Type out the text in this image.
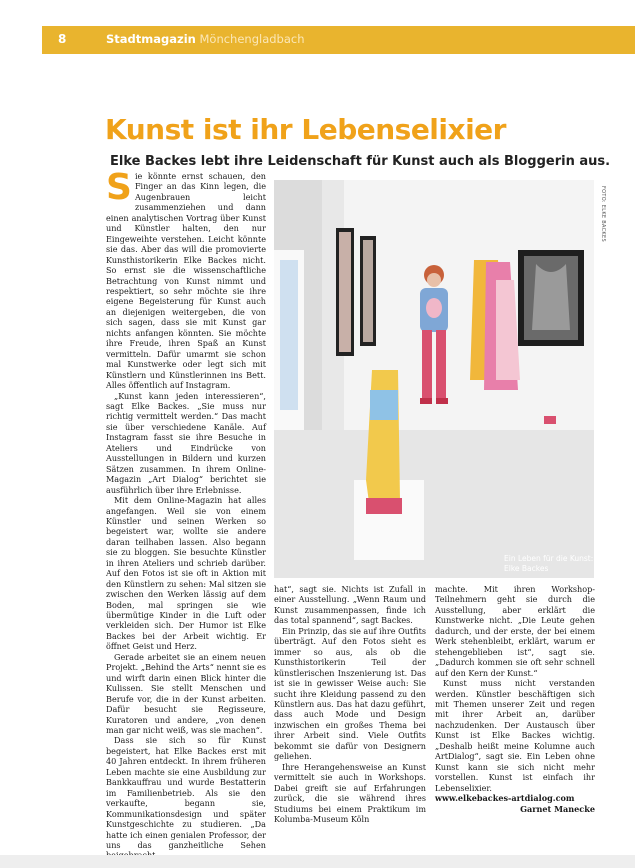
8	Stadtmagazin Mönchengladbach
Kunst ist ihr Lebenselixier
Elke Backes lebt ihre Leidenschaft für Kunst auch als Bloggerin aus.

Sie könnte ernst schauen, den Finger an das Kinn legen, die Augenbrauen leicht zusammenziehen und dann einen analytischen Vortrag über Kunst und Künstler halten, den nur Eingeweihte verstehen. Leicht könnte sie das. Aber das will die promovierte Kunsthistorikerin Elke Backes nicht. So ernst sie die wissenschaftliche Betrachtung von Kunst nimmt und respektiert, so sehr möchte sie ihre eigene Begeisterung für Kunst auch an diejenigen weitergeben, die von sich sagen, dass sie mit Kunst gar nichts anfangen könnten. Sie möchte ihre Freude, ihren Spaß an Kunst vermitteln. Dafür umarmt sie schon mal Kunstwerke oder legt sich mit Künstlern und Künstlerinnen ins Bett. Alles öffentlich auf Instagram.

„Kunst kann jeden interessieren“, sagt Elke Backes. „Sie muss nur richtig vermittelt werden.“ Das macht sie über verschiedene Kanäle. Auf Instagram fasst sie ihre Besuche in Ateliers und Eindrücke von Ausstellungen in Bildern und kurzen Sätzen zusammen. In ihrem Online-Magazin „Art Dialog“ berichtet sie ausführlich über ihre Erlebnisse.

Mit dem Online-Magazin hat alles angefangen. Weil sie von einem Künstler und seinen Werken so begeistert war, wollte sie andere daran teilhaben lassen. Also begann sie zu bloggen. Sie besuchte Künstler in ihren Ateliers und schrieb darüber. Auf den Fotos ist sie oft in Aktion mit den Künstlern zu sehen: Mal sitzen sie zwischen den Werken lässig auf dem Boden, mal springen sie wie übermütige Kinder in die Luft oder verkleiden sich. Der Humor ist Elke Backes bei der Arbeit wichtig. Er öffnet Geist und Herz.

Gerade arbeitet sie an einem neuen Projekt. „Behind the Arts“ nennt sie es und wirft darin einen Blick hinter die Kulissen. Sie stellt Menschen und Berufe vor, die in der Kunst arbeiten. Dafür besucht sie Regisseure, Kuratoren und andere, „von denen man gar nicht weiß, was sie machen“.

Dass sie sich so für Kunst begeistert, hat Elke Backes erst mit 40 Jahren entdeckt. In ihrem früheren Leben machte sie eine Ausbildung zur Bankkauffrau und wurde Bestatterin im Familienbetrieb. Als sie den verkaufte, begann sie, Kommunikationsdesign und später Kunstgeschichte zu studieren. „Da hatte ich einen genialen Professor, der uns das ganzheitliche Sehen

Ein Leben für die Kunst:
Elke Backes
FOTO: ELKE BACKES

hat“, sagt sie. Nichts ist Zufall in einer Ausstellung. „Wenn Raum und Kunst zusammenpassen, finde ich das total spannend“, sagt Backes.

Ein Prinzip, das sie auf ihre Outfits überträgt. Auf den Fotos sieht es immer so aus, als ob die Kunsthistorikerin Teil der künstlerischen Inszenierung ist. Das ist sie in gewisser Weise auch: Sie sucht ihre Kleidung passend zu den Künstlern aus. Das hat dazu geführt, dass auch Mode und Design inzwischen ein großes Thema bei ihrer Arbeit sind. Viele Outfits bekommt sie dafür von Designern geliehen.

Ihre Herangehensweise an Kunst vermittelt sie auch in Workshops. Dabei greift sie auf Erfahrungen zurück, die sie während ihres Studiums bei einem Praktikum im Kolumba-Museum Köln

machte. Mit ihren Workshop-Teilnehmern geht sie durch die Ausstellung, aber erklärt die Kunstwerke nicht. „Die Leute gehen dadurch, und der erste, der bei einem Werk stehenbleibt, erklärt, warum er stehengeblieben ist“, sagt sie. „Dadurch kommen sie oft sehr schnell auf den Kern der Kunst.“

Kunst muss nicht verstanden werden. Künstler beschäftigen sich mit Themen unserer Zeit und regen mit ihrer Arbeit an, darüber nachzudenken. Der Austausch über Kunst ist Elke Backes wichtig. „Deshalb heißt meine Kolumne auch ArtDialog“, sagt sie. Ein Leben ohne Kunst kann sie sich nicht mehr vorstellen. Kunst ist einfach ihr Lebenselixier.

www.elkebackes-artdialog.com

Garnet Manecke
